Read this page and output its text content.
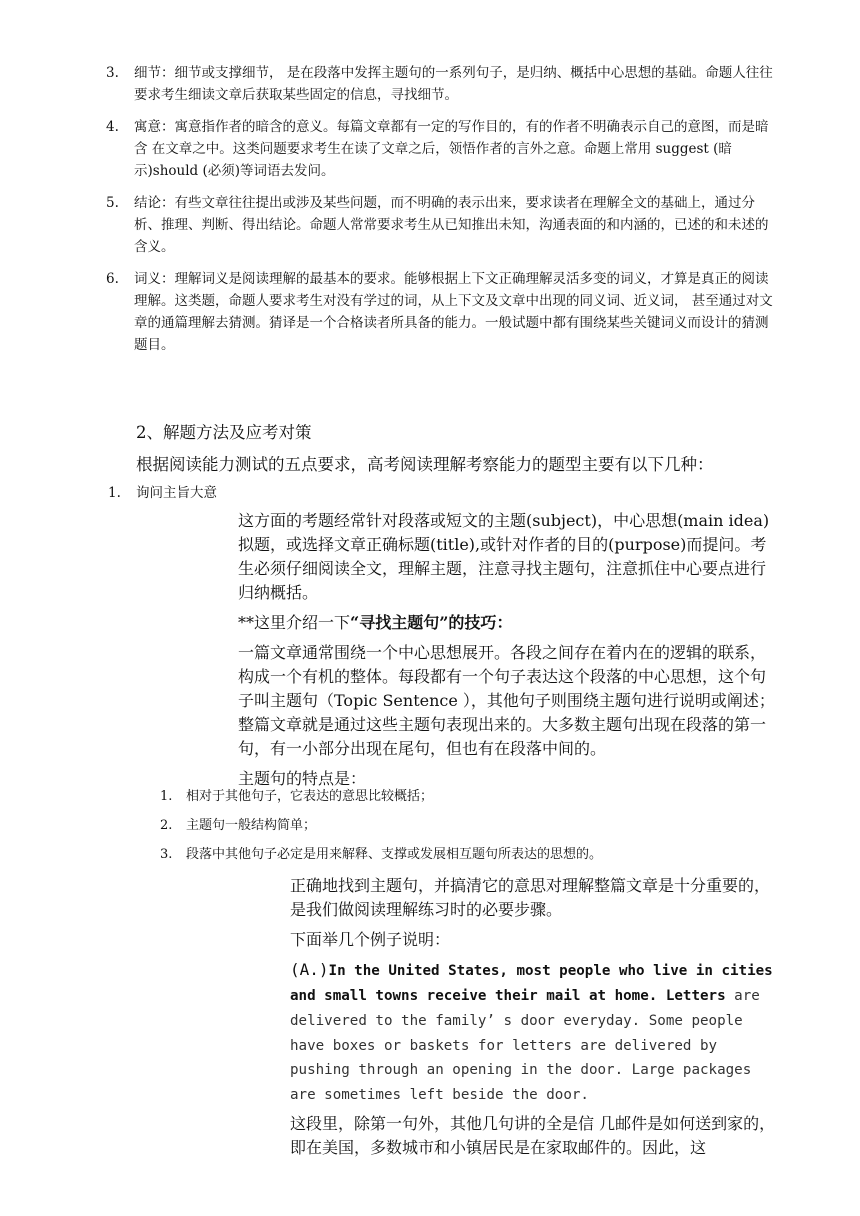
3. 细节：细节或支撑细节， 是在段落中发挥主题句的一系列句子，是归纳、概括中心思想的基础。命题人往往要求考生细读文章后获取某些固定的信息，寻找细节。
4. 寓意：寓意指作者的暗含的意义。每篇文章都有一定的写作目的，有的作者不明确表示自己的意图，而是暗含 在文章之中。这类问题要求考生在读了文章之后，领悟作者的言外之意。命题上常用 suggest (暗示)should (必须)等词语去发问。
5. 结论：有些文章往往提出或涉及某些问题，而不明确的表示出来，要求读者在理解全文的基础上，通过分析、推理、判断、得出结论。命题人常常要求考生从已知推出未知，沟通表面的和内涵的，已述的和未述的含义。
6. 词义：理解词义是阅读理解的最基本的要求。能够根据上下文正确理解灵活多变的词义，才算是真正的阅读理解。这类题，命题人要求考生对没有学过的词，从上下文及文章中出现的同义词、近义词， 甚至通过对文章的通篇理解去猜测。猜译是一个合格读者所具备的能力。一般试题中都有围绕某些关键词义而设计的猜测题目。
2、解题方法及应考对策
根据阅读能力测试的五点要求，高考阅读理解考察能力的题型主要有以下几种：
1. 询问主旨大意

这方面的考题经常针对段落或短文的主题(subject)，中心思想(main idea)拟题，或选择文章正确标题(title),或针对作者的目的(purpose)而提问。考生必须仔细阅读全文，理解主题，注意寻找主题句，注意抓住中心要点进行归纳概括。

**这里介绍一下“寻找主题句”的技巧：

一篇文章通常围绕一个中心思想展开。各段之间存在着内在的逻辑的联系，构成一个有机的整体。每段都有一个句子表达这个段落的中心思想，这个句子叫主题句（Topic Sentence ），其他句子则围绕主题句进行说明或阐述；整篇文章就是通过这些主题句表现出来的。大多数主题句出现在段落的第一句，有一小部分出现在尾句，但也有在段落中间的。

主题句的特点是：

1. 相对于其他句子，它表达的意思比较概括；
2. 主题句一般结构简单；
3. 段落中其他句子必定是用来解释、支撑或发展相互题句所表达的思想的。

正确地找到主题句，并搞清它的意思对理解整篇文章是十分重要的，是我们做阅读理解练习时的必要步骤。

下面举几个例子说明：

(A.)In the United States, most people who live in cities and small towns receive their mail at home. Letters are delivered to the family’ s door everyday. Some people have boxes or baskets for letters are delivered by pushing through an opening in the door. Large packages are sometimes left beside the door.

这段里，除第一句外，其他几句讲的全是信 几邮件是如何送到家的，即在美国，多数城市和小镇居民是在家取邮件的。因此，这
